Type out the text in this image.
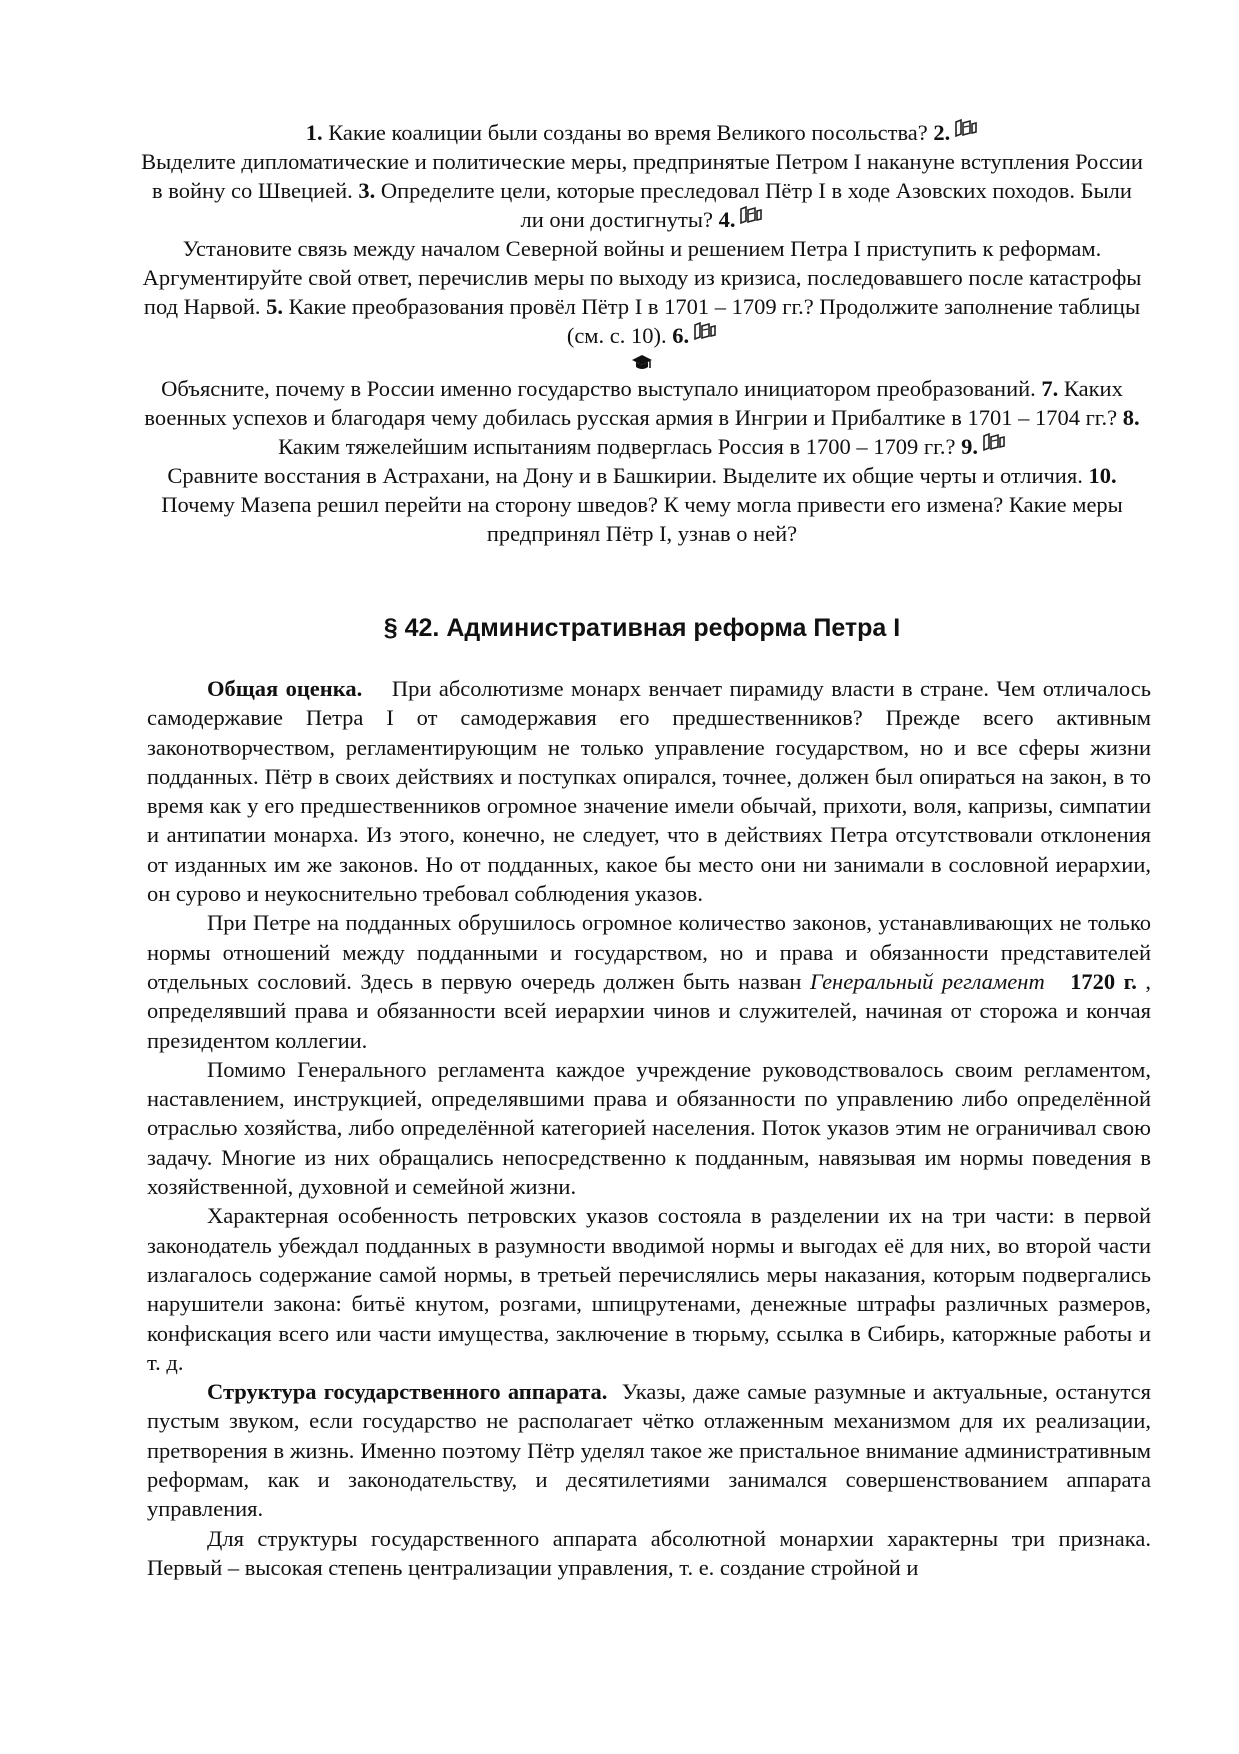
1. Какие коалиции были созданы во время Великого посольства? 2.

Выделите дипломатические и политические меры, предпринятые Петром I накануне вступления России в войну со Швецией. 3. Определите цели, которые преследовал Пётр I в ходе Азовских походов. Были ли они достигнуты? 4.

Установите связь между началом Северной войны и решением Петра I приступить к реформам. Аргументируйте свой ответ, перечислив меры по выходу из кризиса, последовавшего после катастрофы под Нарвой. 5. Какие преобразования провёл Пётр I в 1701 – 1709 гг.? Продолжите заполнение таблицы (см. с. 10). 6.

Объясните, почему в России именно государство выступало инициатором преобразований. 7. Каких военных успехов и благодаря чему добилась русская армия в Ингрии и Прибалтике в 1701 – 1704 гг.? 8. Каким тяжелейшим испытаниям подверглась Россия в 1700 – 1709 гг.? 9.

Сравните восстания в Астрахани, на Дону и в Башкирии. Выделите их общие черты и отличия. 10. Почему Мазепа решил перейти на сторону шведов? К чему могла привести его измена? Какие меры предпринял Пётр I, узнав о ней?

§ 42. Административная реформа Петра I

Общая оценка. При абсолютизме монарх венчает пирамиду власти в стране. Чем отличалось самодержавие Петра I от самодержавия его предшественников? Прежде всего активным законотворчеством, регламентирующим не только управление государством, но и все сферы жизни подданных. Пётр в своих действиях и поступках опирался, точнее, должен был опираться на закон, в то время как у его предшественников огромное значение имели обычай, прихоти, воля, капризы, симпатии и антипатии монарха. Из этого, конечно, не следует, что в действиях Петра отсутствовали отклонения от изданных им же законов. Но от подданных, какое бы место они ни занимали в сословной иерархии, он сурово и неукоснительно требовал соблюдения указов.

При Петре на подданных обрушилось огромное количество законов, устанавливающих не только нормы отношений между подданными и государством, но и права и обязанности представителей отдельных сословий. Здесь в первую очередь должен быть назван Генеральный регламент 1720 г. , определявший права и обязанности всей иерархии чинов и служителей, начиная от сторожа и кончая президентом коллегии.

Помимо Генерального регламента каждое учреждение руководствовалось своим регламентом, наставлением, инструкцией, определявшими права и обязанности по управлению либо определённой отраслью хозяйства, либо определённой категорией населения. Поток указов этим не ограничивал свою задачу. Многие из них обращались непосредственно к подданным, навязывая им нормы поведения в хозяйственной, духовной и семейной жизни.

Характерная особенность петровских указов состояла в разделении их на три части: в первой законодатель убеждал подданных в разумности вводимой нормы и выгодах её для них, во второй части излагалось содержание самой нормы, в третьей перечислялись меры наказания, которым подвергались нарушители закона: битьё кнутом, розгами, шпицрутенами, денежные штрафы различных размеров, конфискация всего или части имущества, заключение в тюрьму, ссылка в Сибирь, каторжные работы и т. д.

Структура государственного аппарата. Указы, даже самые разумные и актуальные, останутся пустым звуком, если государство не располагает чётко отлаженным механизмом для их реализации, претворения в жизнь. Именно поэтому Пётр уделял такое же пристальное внимание административным реформам, как и законодательству, и десятилетиями занимался совершенствованием аппарата управления.

Для структуры государственного аппарата абсолютной монархии характерны три признака. Первый – высокая степень централизации управления, т. е. создание стройной и
